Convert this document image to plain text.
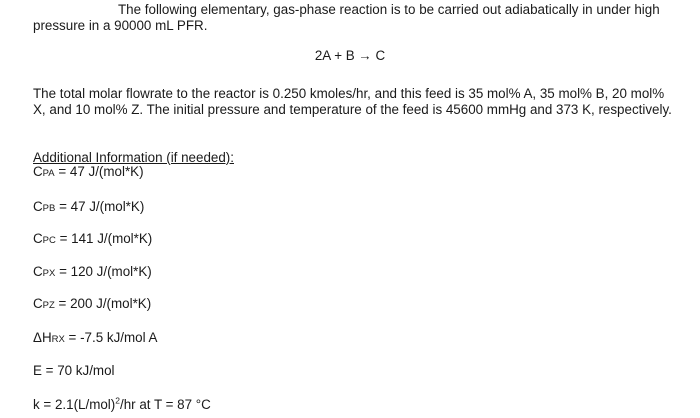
The following elementary, gas-phase reaction is to be carried out adiabatically in under high pressure in a 90000 mL PFR.

2A + B → C

The total molar flowrate to the reactor is 0.250 kmoles/hr, and this feed is 35 mol% A, 35 mol% B, 20 mol% X, and 10 mol% Z. The initial pressure and temperature of the feed is 45600 mmHg and 373 K, respectively.

Additional Information (if needed):

CPA = 47 J/(mol*K)

CPB = 47 J/(mol*K)

CPC = 141 J/(mol*K)

CPX = 120 J/(mol*K)

CPZ = 200 J/(mol*K)

ΔHRX = -7.5 kJ/mol A

E = 70 kJ/mol

$k = 2.1(L/mol)^2/hr$ at T = 87 °C
